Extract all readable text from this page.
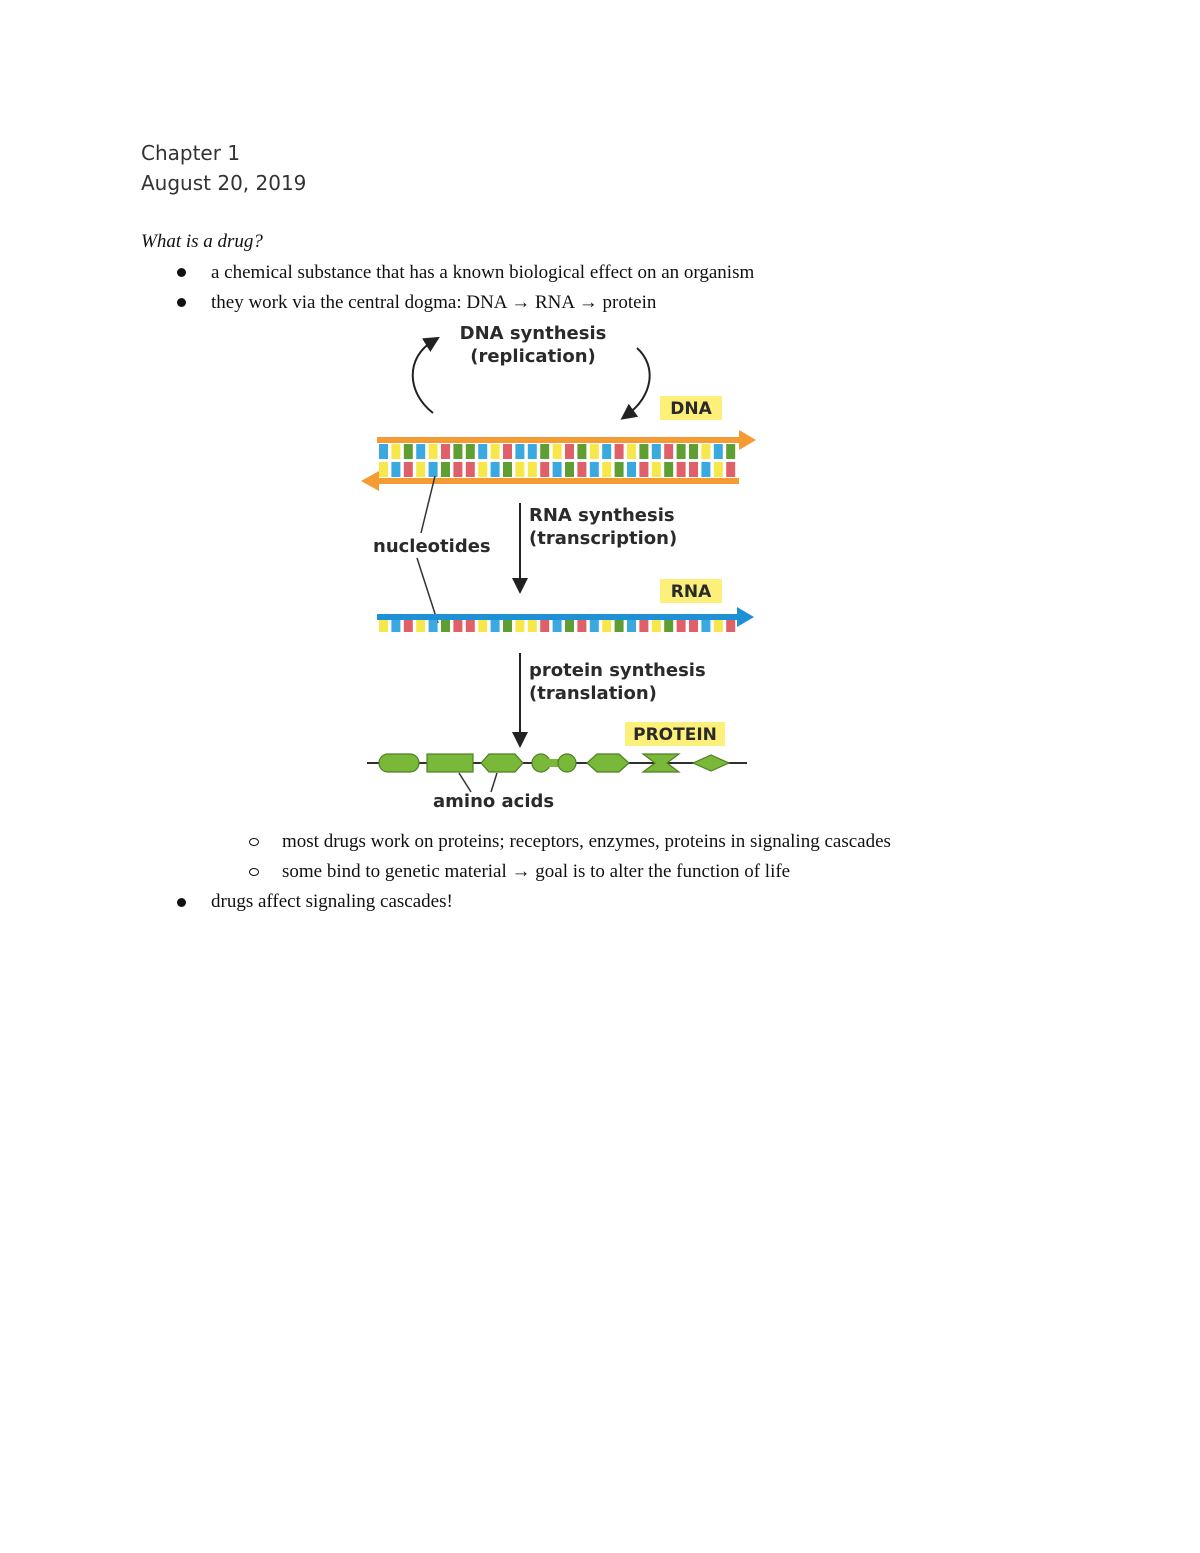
Chapter 1
August 20, 2019
What is a drug?
a chemical substance that has a known biological effect on an organism
they work via the central dogma: DNA → RNA → protein
DNA synthesis
(replication)
DNA
nucleotides
RNA synthesis
(transcription)
RNA
protein synthesis
(translation)
PROTEIN
amino acids
most drugs work on proteins; receptors, enzymes, proteins in signaling cascades
some bind to genetic material → goal is to alter the function of life
drugs affect signaling cascades!
